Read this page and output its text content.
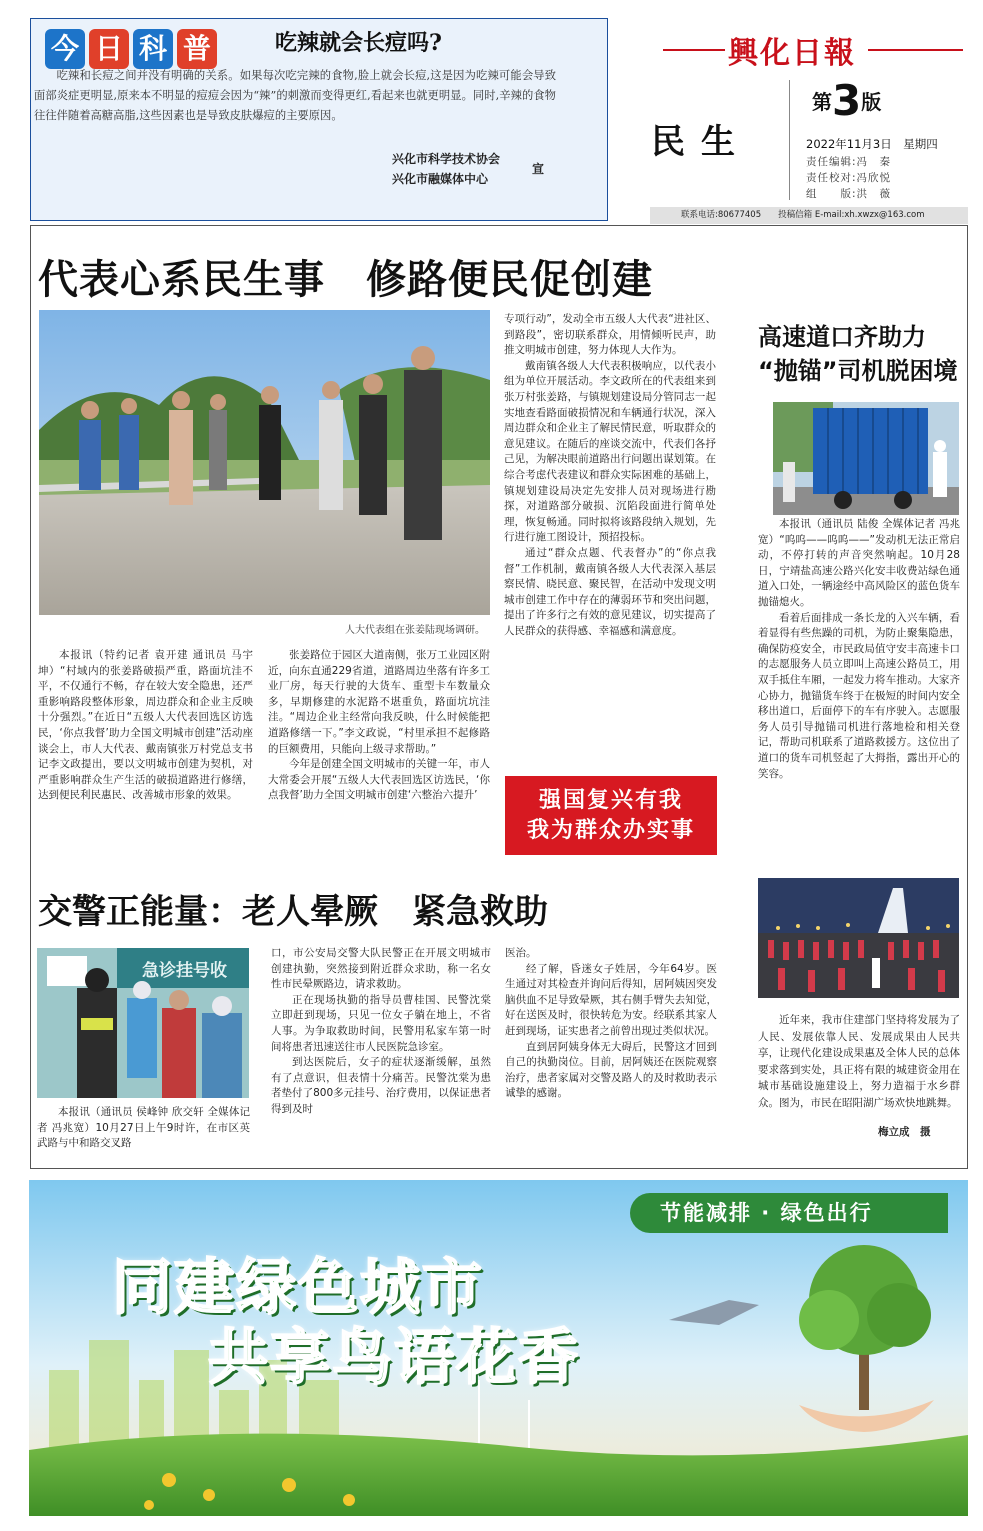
今 日 科 普	吃辣就会长痘吗?

吃辣和长痘之间并没有明确的关系。如果每次吃完辣的食物,脸上就会长痘,这是因为吃辣可能会导致面部炎症更明显,原来本不明显的痘痘会因为“辣”的刺激而变得更红,看起来也就更明显。同时,辛辣的食物往往伴随着高糖高脂,这些因素也是导致皮肤爆痘的主要原因。

兴化市科学技术协会
兴化市融媒体中心
宣
興化日報
民生
第3版
2022年11月3日　星期四
责任编辑:冯　秦
责任校对:冯欣悦
组　　版:洪　薇
联系电话:80677405　　投稿信箱 E-mail:xh.xwzx@163.com
代表心系民生事　修路便民促创建
人大代表组在张姜陆现场调研。

本报讯（特约记者 袁开建 通讯员 马宇坤）“村域内的张姜路破损严重，路面坑洼不平，不仅通行不畅，存在较大安全隐患，还严重影响路段整体形象，周边群众和企业主反映十分强烈。”在近日“五级人大代表回选区访选民，‘你点我督’助力全国文明城市创建”活动座谈会上，市人大代表、戴南镇张万村党总支书记李文政提出，要以文明城市创建为契机，对严重影响群众生产生活的破损道路进行修缮，达到便民利民惠民、改善城市形象的效果。

张姜路位于园区大道南侧，张万工业园区附近，向东直通229省道，道路周边坐落有许多工业厂房，每天行驶的大货车、重型卡车数量众多，早期修建的水泥路不堪重负，路面坑坑洼洼。“周边企业主经常向我反映，什么时候能把道路修缮一下。”李文政说，“村里承担不起修路的巨额费用，只能向上级寻求帮助。”

今年是创建全国文明城市的关键一年，市人大常委会开展“五级人大代表回选区访选民，‘你点我督’助力全国文明城市创建‘六整治六提升’

专项行动”，发动全市五级人大代表“进社区、到路段”，密切联系群众，用情倾听民声，助推文明城市创建，努力体现人大作为。

戴南镇各级人大代表积极响应，以代表小组为单位开展活动。李文政所在的代表组来到张万村张姜路，与镇规划建设局分管同志一起实地查看路面破损情况和车辆通行状况，深入周边群众和企业主了解民情民意，听取群众的意见建议。在随后的座谈交流中，代表们各抒己见，为解决眼前道路出行问题出谋划策。在综合考虑代表建议和群众实际困难的基础上，镇规划建设局决定先安排人员对现场进行勘探，对道路部分破损、沉陷段面进行简单处理，恢复畅通。同时拟将该路段纳入规划，先行进行施工图设计，预招投标。

通过“群众点题、代表督办”的“你点我督”工作机制，戴南镇各级人大代表深入基层察民情、晓民意、聚民智，在活动中发现文明城市创建工作中存在的薄弱环节和突出问题，提出了许多行之有效的意见建议，切实提高了人民群众的获得感、幸福感和满意度。

强国复兴有我
我为群众办实事
高速道口齐助力
“抛锚”司机脱困境

本报讯（通讯员 陆俊 全媒体记者 冯兆宽）“呜呜——呜呜——”发动机无法正常启动，不停打转的声音突然响起。10月28日，宁靖盐高速公路兴化安丰收费站绿色通道入口处，一辆途经中高风险区的蓝色货车抛锚熄火。

看着后面排成一条长龙的入兴车辆，看着显得有些焦躁的司机，为防止聚集隐患，确保防疫安全，市民政局值守安丰高速卡口的志愿服务人员立即叫上高速公路员工，用双手抵住车厢，一起发力将车推动。大家齐心协力，抛锚货车终于在极短的时间内安全移出道口，后面停下的车有序驶入。志愿服务人员引导抛锚司机进行落地检和相关登记，帮助司机联系了道路救援方。这位出了道口的货车司机竖起了大拇指，露出开心的笑容。

交警正能量：老人晕厥　紧急救助
急诊挂号收

本报讯（通讯员 侯峰钟 欣交轩 全媒体记者 冯兆宽）10月27日上午9时许，在市区英武路与中和路交叉路

口，市公安局交警大队民警正在开展文明城市创建执勤，突然接到附近群众求助，称一名女性市民晕厥路边，请求救助。

正在现场执勤的指导员曹桂国、民警沈棠立即赶到现场，只见一位女子躺在地上，不省人事。为争取救助时间，民警用私家车第一时间将患者迅速送往市人民医院急诊室。

到达医院后，女子的症状逐渐缓解，虽然有了点意识，但表情十分痛苦。民警沈棠为患者垫付了800多元挂号、治疗费用，以保证患者得到及时

医治。

经了解，昏迷女子姓居，今年64岁。医生通过对其检查并询问后得知，居阿姨因突发脑供血不足导致晕厥，其右侧手臂失去知觉，好在送医及时，很快转危为安。经联系其家人赶到现场，证实患者之前曾出现过类似状况。

直到居阿姨身体无大碍后，民警这才回到自己的执勤岗位。目前，居阿姨还在医院观察治疗，患者家属对交警及路人的及时救助表示诚挚的感谢。

近年来，我市住建部门坚持将发展为了人民、发展依靠人民、发展成果由人民共享，让现代化建设成果惠及全体人民的总体要求落到实处，具正将有限的城建资金用在城市基础设施建设上，努力造福于水乡群众。图为，市民在昭阳湖广场欢快地跳舞。

梅立成　摄
节能减排 · 绿色出行
同建绿色城市
共享鸟语花香
